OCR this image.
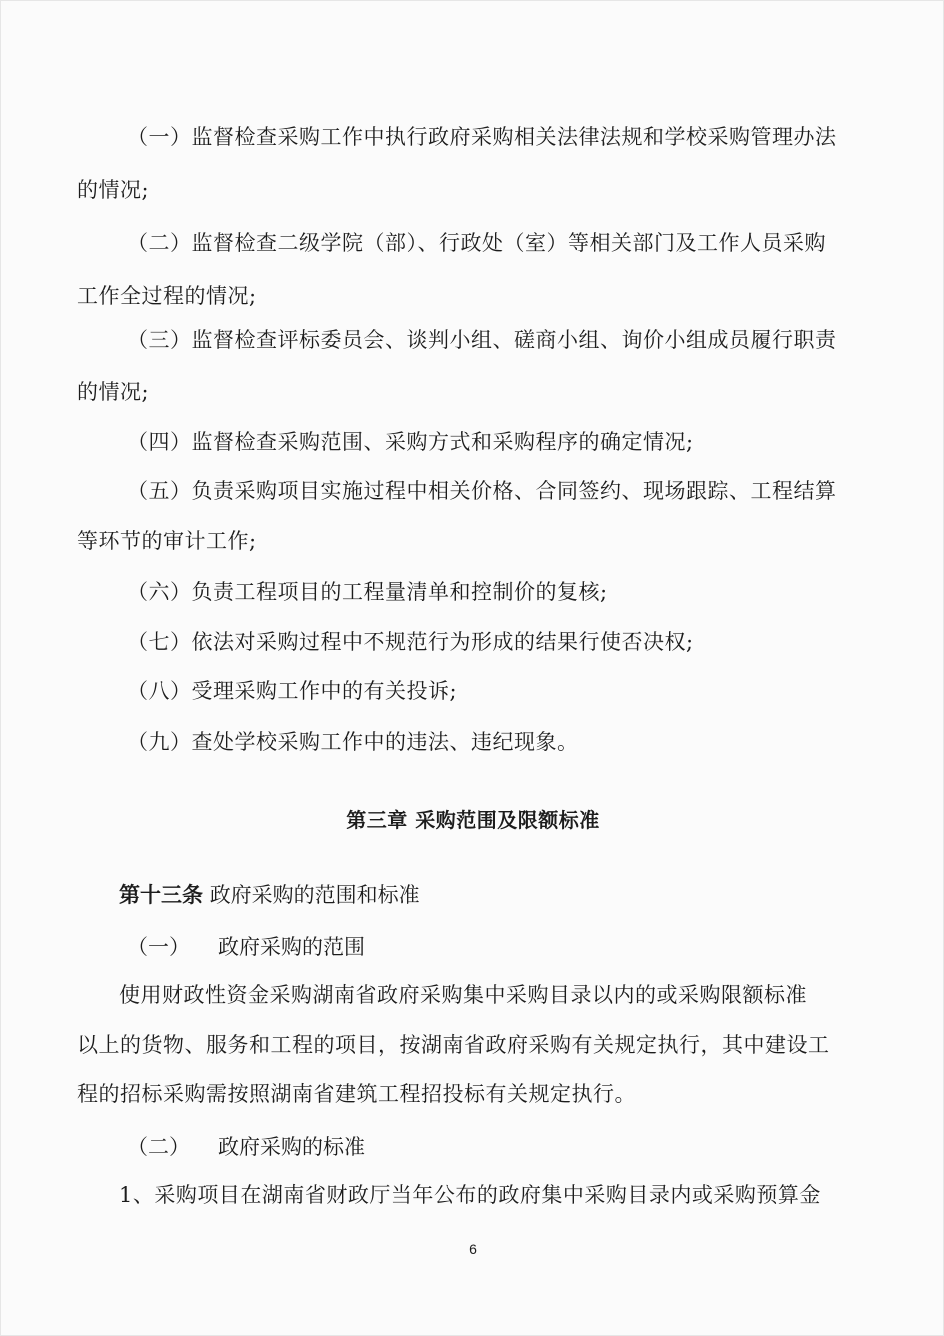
（一）监督检查采购工作中执行政府采购相关法律法规和学校采购管理办法
的情况;
（二）监督检查二级学院（部）、行政处（室）等相关部门及工作人员采购
工作全过程的情况;
（三）监督检查评标委员会、谈判小组、磋商小组、询价小组成员履行职责
的情况;
（四）监督检查采购范围、采购方式和采购程序的确定情况;
（五）负责采购项目实施过程中相关价格、合同签约、现场跟踪、工程结算
等环节的审计工作;
（六）负责工程项目的工程量清单和控制价的复核;
（七）依法对采购过程中不规范行为形成的结果行使否决权;
（八）受理采购工作中的有关投诉;
（九）查处学校采购工作中的违法、违纪现象。
第三章 采购范围及限额标准
第十三条 政府采购的范围和标准
（一） 政府采购的范围
使用财政性资金采购湖南省政府采购集中采购目录以内的或采购限额标准
以上的货物、服务和工程的项目，按湖南省政府采购有关规定执行，其中建设工
程的招标采购需按照湖南省建筑工程招投标有关规定执行。
（二） 政府采购的标准
1、采购项目在湖南省财政厅当年公布的政府集中采购目录内或采购预算金
6
